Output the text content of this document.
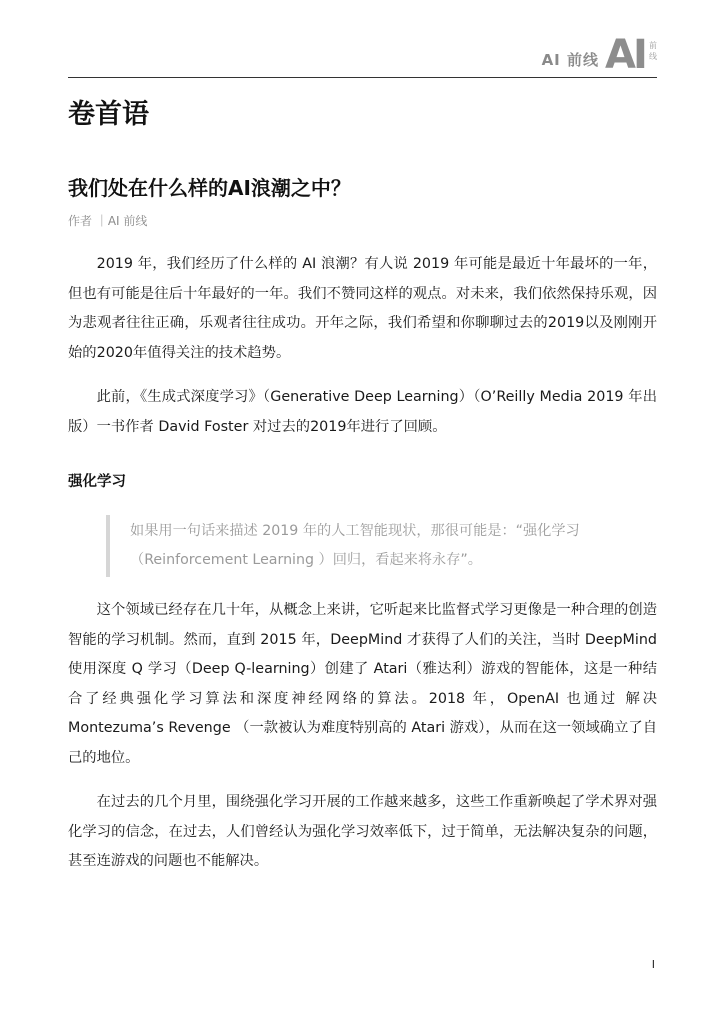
AI 前线 AI 前线
卷首语
我们处在什么样的AI浪潮之中？
作者 ｜AI 前线

2019 年，我们经历了什么样的 AI 浪潮？有人说 2019 年可能是最近十年最坏的一年，但也有可能是往后十年最好的一年。我们不赞同这样的观点。对未来，我们依然保持乐观，因为悲观者往往正确，乐观者往往成功。开年之际，我们希望和你聊聊过去的2019以及刚刚开始的2020年值得关注的技术趋势。

此前，《生成式深度学习》（Generative Deep Learning）（O’Reilly Media 2019 年出版）一书作者 David Foster 对过去的2019年进行了回顾。

强化学习
如果用一句话来描述 2019 年的人工智能现状，那很可能是：“强化学习（Reinforcement Learning ）回归，看起来将永存”。

这个领域已经存在几十年，从概念上来讲，它听起来比监督式学习更像是一种合理的创造智能的学习机制。然而，直到 2015 年，DeepMind 才获得了人们的关注，当时 DeepMind 使用深度 Q 学习（Deep Q-learning）创建了 Atari（雅达利）游戏的智能体，这是一种结合了经典强化学习算法和深度神经网络的算法。2018 年，OpenAI 也通过 解决 Montezuma’s Revenge （一款被认为难度特别高的 Atari 游戏），从而在这一领域确立了自己的地位。

在过去的几个月里，围绕强化学习开展的工作越来越多，这些工作重新唤起了学术界对强化学习的信念，在过去，人们曾经认为强化学习效率低下，过于简单，无法解决复杂的问题，甚至连游戏的问题也不能解决。

I
